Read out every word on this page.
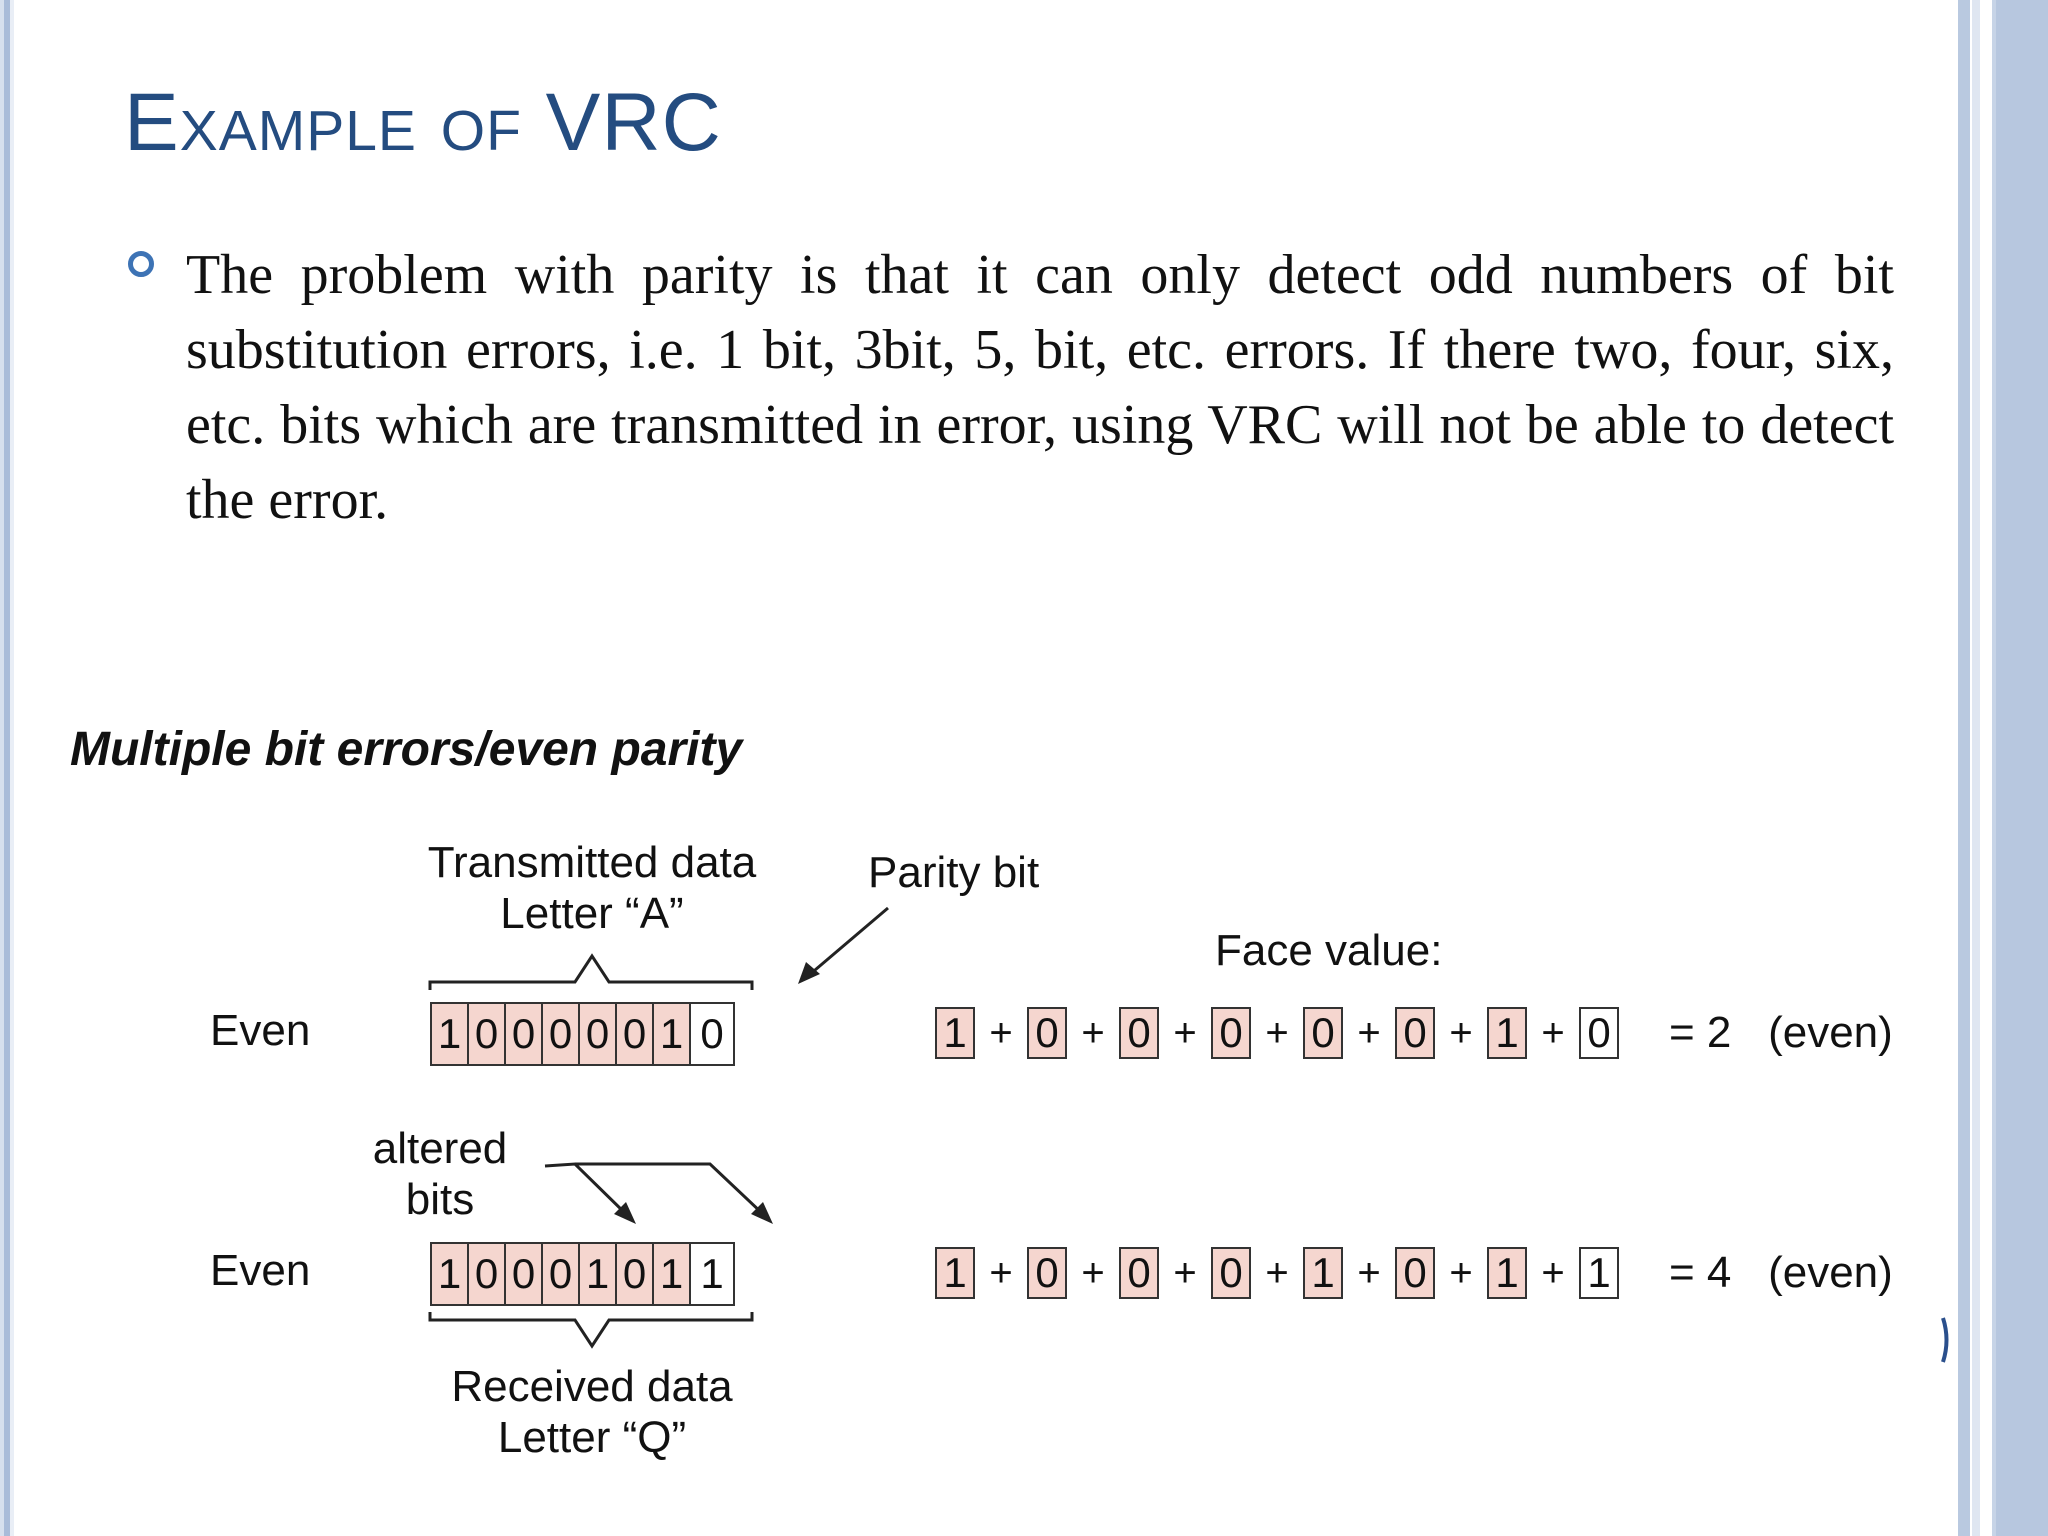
Example of VRC

The problem with parity is that it can only detect odd numbers of bit substitution errors, i.e. 1 bit, 3bit, 5, bit, etc. errors. If there two, four, six, etc. bits which are transmitted in error, using VRC will not be able to detect the error.

Multiple bit errors/even parity

Transmitted data Letter “A”
Parity bit
Face value:
Even	1 0 0 0 0 0 1 0	1 + 0 + 0 + 0 + 0 + 0 + 1 + 0 = 2   (even)
altered bits
Even	1 0 0 0 1 0 1 1	1 + 0 + 0 + 0 + 1 + 0 + 1 + 1 = 4   (even)
Received data Letter “Q”
